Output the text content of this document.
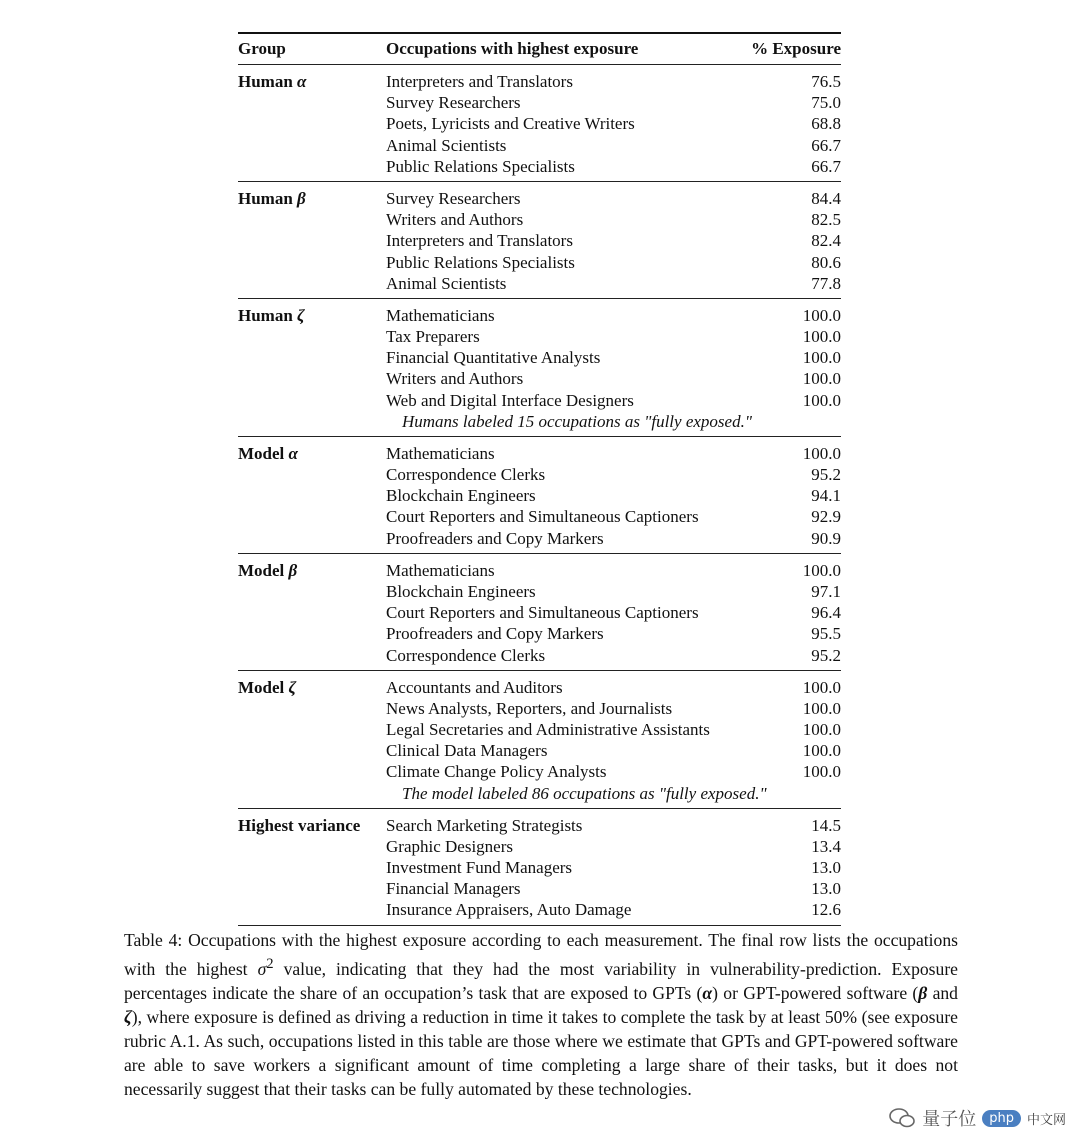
Group	Occupations with highest exposure	% Exposure
Human α	Interpreters and Translators	76.5
Survey Researchers	75.0
Poets, Lyricists and Creative Writers	68.8
Animal Scientists	66.7
Public Relations Specialists	66.7
Human β	Survey Researchers	84.4
Writers and Authors	82.5
Interpreters and Translators	82.4
Public Relations Specialists	80.6
Animal Scientists	77.8
Human ζ	Mathematicians	100.0
Tax Preparers	100.0
Financial Quantitative Analysts	100.0
Writers and Authors	100.0
Web and Digital Interface Designers	100.0
Humans labeled 15 occupations as "fully exposed."
Model α	Mathematicians	100.0
Correspondence Clerks	95.2
Blockchain Engineers	94.1
Court Reporters and Simultaneous Captioners	92.9
Proofreaders and Copy Markers	90.9
Model β	Mathematicians	100.0
Blockchain Engineers	97.1
Court Reporters and Simultaneous Captioners	96.4
Proofreaders and Copy Markers	95.5
Correspondence Clerks	95.2
Model ζ	Accountants and Auditors	100.0
News Analysts, Reporters, and Journalists	100.0
Legal Secretaries and Administrative Assistants	100.0
Clinical Data Managers	100.0
Climate Change Policy Analysts	100.0
The model labeled 86 occupations as "fully exposed."
Highest variance	Search Marketing Strategists	14.5
Graphic Designers	13.4
Investment Fund Managers	13.0
Financial Managers	13.0
Insurance Appraisers, Auto Damage	12.6

Table 4: Occupations with the highest exposure according to each measurement. The final row lists the occupations with the highest $\sigma^2$ value, indicating that they had the most variability in vulnerability-prediction. Exposure percentages indicate the share of an occupation’s task that are exposed to GPTs (α) or GPT-powered software (β and ζ), where exposure is defined as driving a reduction in time it takes to complete the task by at least 50% (see exposure rubric A.1. As such, occupations listed in this table are those where we estimate that GPTs and GPT-powered software are able to save workers a significant amount of time completing a large share of their tasks, but it does not necessarily suggest that their tasks can be fully automated by these technologies.

量子位	php	中文网
